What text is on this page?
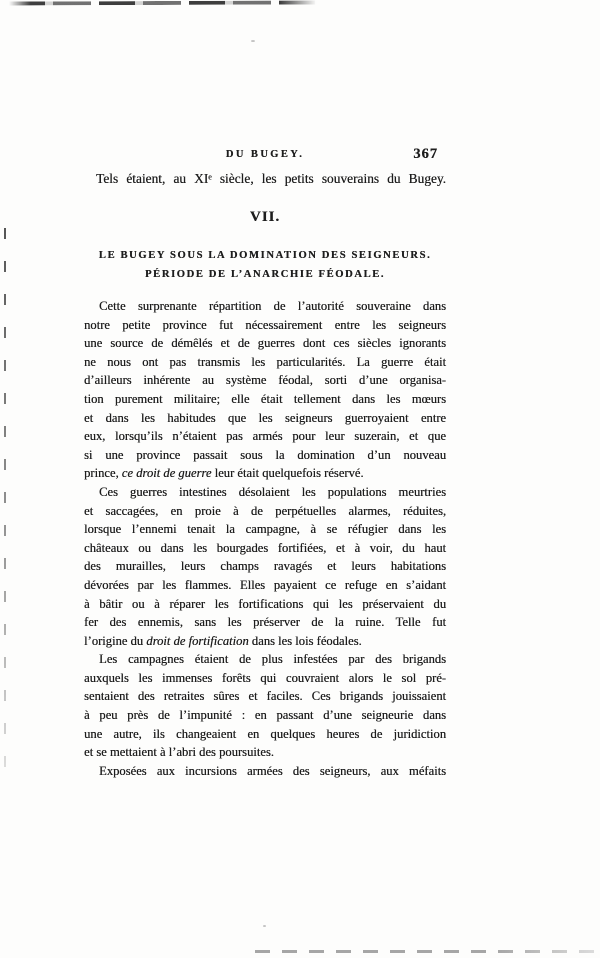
DU BUGEY.	367
Tels étaient, au XIᵉ siècle, les petits souverains du Bugey.
VII.
LE BUGEY SOUS LA DOMINATION DES SEIGNEURS.
PÉRIODE DE L’ANARCHIE FÉODALE.
Cette surprenante répartition de l’autorité souveraine dans
notre petite province fut nécessairement entre les seigneurs
une source de démêlés et de guerres dont ces siècles ignorants
ne nous ont pas transmis les particularités. La guerre était
d’ailleurs inhérente au système féodal, sorti d’une organisa-
tion purement militaire; elle était tellement dans les mœurs
et dans les habitudes que les seigneurs guerroyaient entre
eux, lorsqu’ils n’étaient pas armés pour leur suzerain, et que
si une province passait sous la domination d’un nouveau
prince, ce droit de guerre leur était quelquefois réservé.
Ces guerres intestines désolaient les populations meurtries
et saccagées, en proie à de perpétuelles alarmes, réduites,
lorsque l’ennemi tenait la campagne, à se réfugier dans les
châteaux ou dans les bourgades fortifiées, et à voir, du haut
des murailles, leurs champs ravagés et leurs habitations
dévorées par les flammes. Elles payaient ce refuge en s’aidant
à bâtir ou à réparer les fortifications qui les préservaient du
fer des ennemis, sans les préserver de la ruine. Telle fut
l’origine du droit de fortification dans les lois féodales.
Les campagnes étaient de plus infestées par des brigands
auxquels les immenses forêts qui couvraient alors le sol pré-
sentaient des retraites sûres et faciles. Ces brigands jouissaient
à peu près de l’impunité : en passant d’une seigneurie dans
une autre, ils changeaient en quelques heures de juridiction
et se mettaient à l’abri des poursuites.
Exposées aux incursions armées des seigneurs, aux méfaits
